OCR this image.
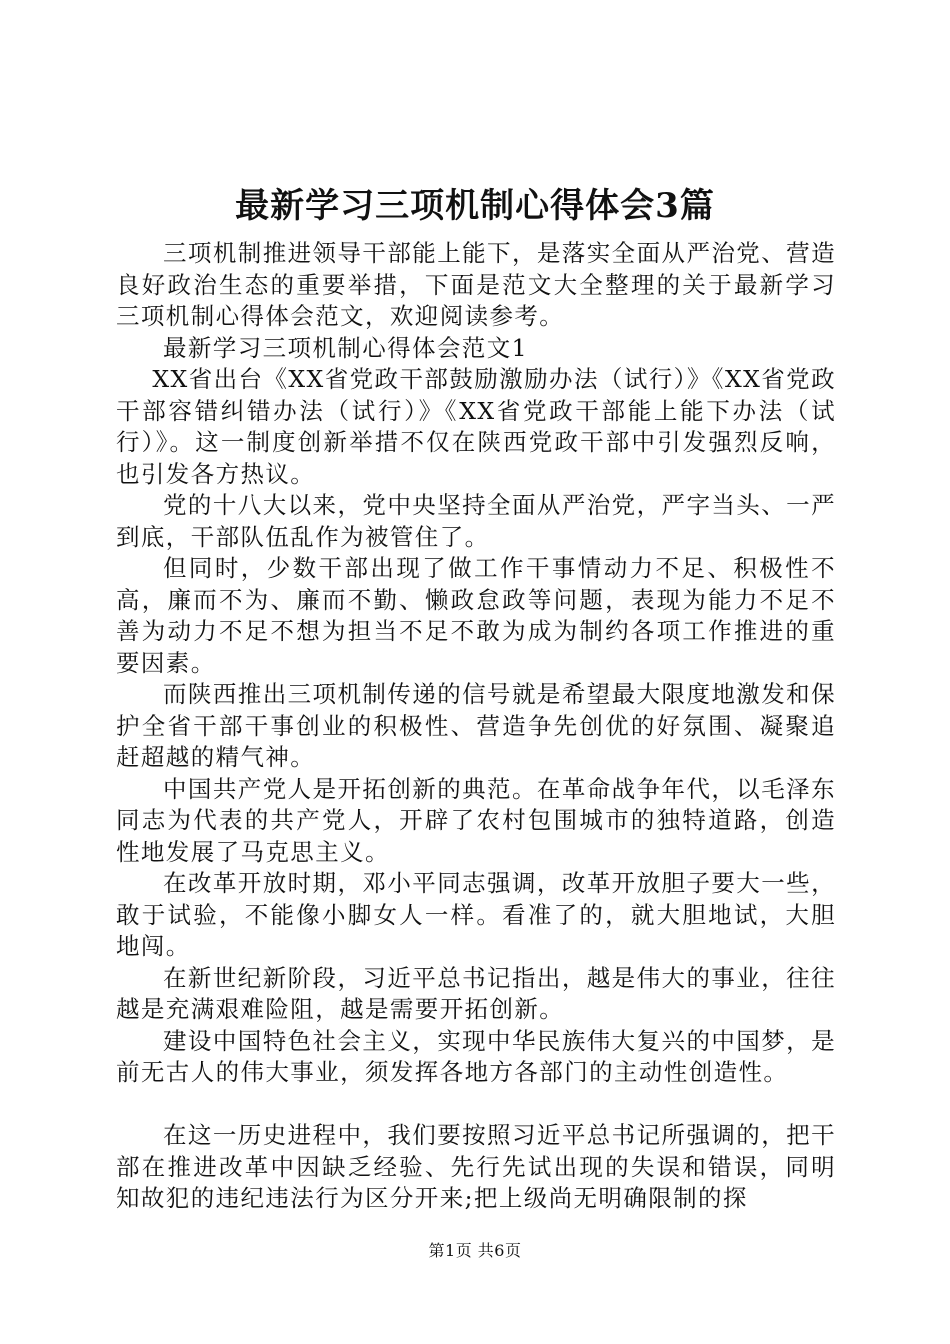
最新学习三项机制心得体会3篇

三项机制推进领导干部能上能下，是落实全面从严治党、营造良好政治生态的重要举措，下面是范文大全整理的关于最新学习三项机制心得体会范文，欢迎阅读参考。

最新学习三项机制心得体会范文1

XX省出台《XX省党政干部鼓励激励办法（试行）》《XX省党政干部容错纠错办法（试行）》《XX省党政干部能上能下办法（试行）》。这一制度创新举措不仅在陕西党政干部中引发强烈反响，也引发各方热议。

党的十八大以来，党中央坚持全面从严治党，严字当头、一严到底，干部队伍乱作为被管住了。

但同时，少数干部出现了做工作干事情动力不足、积极性不高，廉而不为、廉而不勤、懒政怠政等问题，表现为能力不足不善为动力不足不想为担当不足不敢为成为制约各项工作推进的重要因素。

而陕西推出三项机制传递的信号就是希望最大限度地激发和保护全省干部干事创业的积极性、营造争先创优的好氛围、凝聚追赶超越的精气神。

中国共产党人是开拓创新的典范。在革命战争年代，以毛泽东同志为代表的共产党人，开辟了农村包围城市的独特道路，创造性地发展了马克思主义。

在改革开放时期，邓小平同志强调，改革开放胆子要大一些，敢于试验，不能像小脚女人一样。看准了的，就大胆地试，大胆地闯。

在新世纪新阶段，习近平总书记指出，越是伟大的事业，往往越是充满艰难险阻，越是需要开拓创新。

建设中国特色社会主义，实现中华民族伟大复兴的中国梦，是前无古人的伟大事业，须发挥各地方各部门的主动性创造性。

在这一历史进程中，我们要按照习近平总书记所强调的，把干部在推进改革中因缺乏经验、先行先试出现的失误和错误，同明知故犯的违纪违法行为区分开来;把上级尚无明确限制的探

第1页 共6页
